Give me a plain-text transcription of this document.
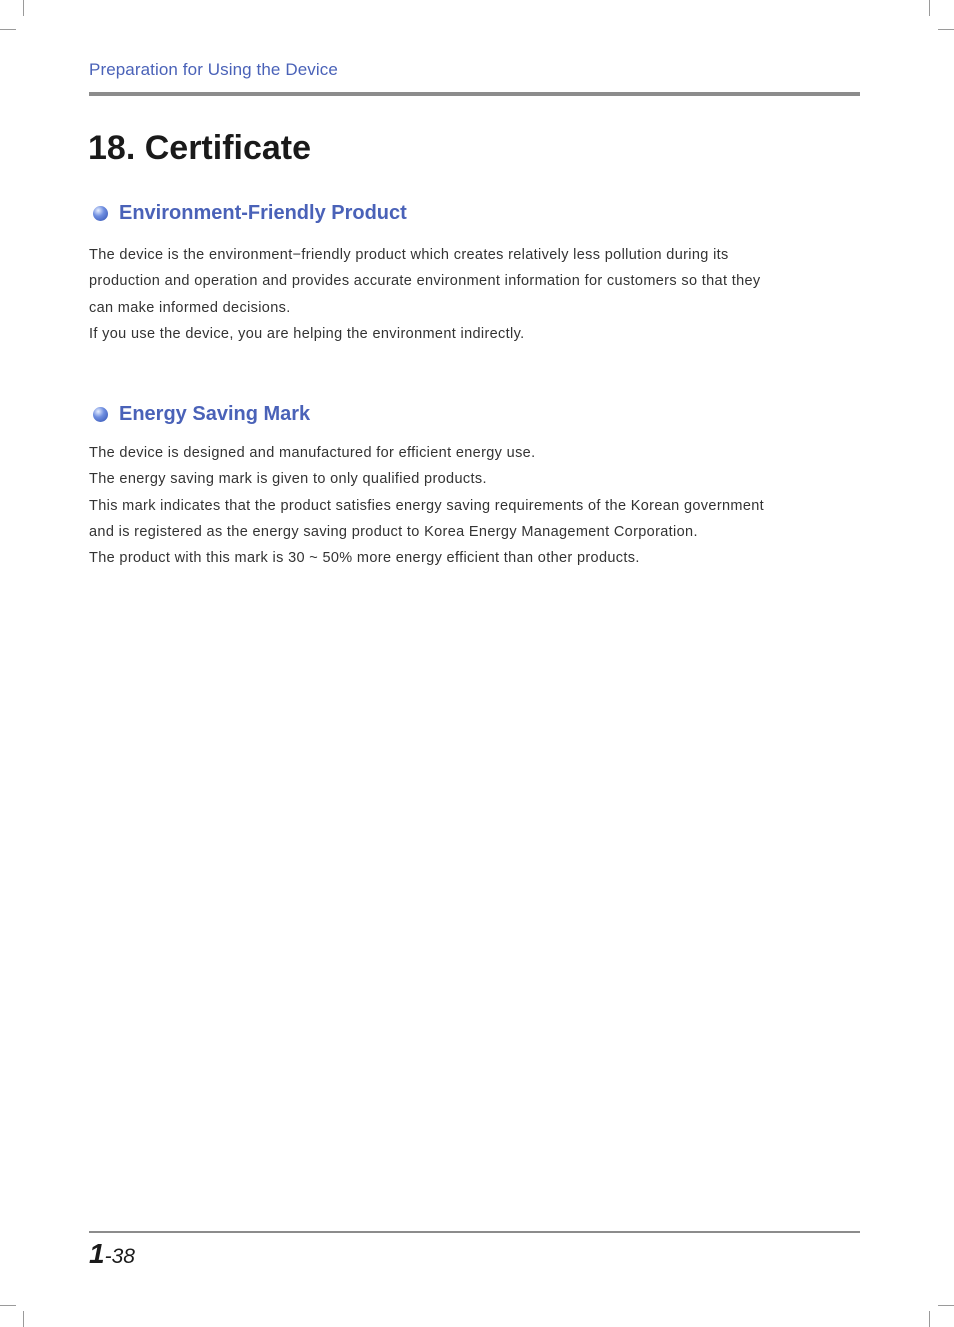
Preparation for Using the Device
18. Certificate
Environment-Friendly Product

The device is the environment−friendly product which creates relatively less pollution during its
production and operation and provides accurate environment information for customers so that they
can make informed decisions.
If you use the device, you are helping the environment indirectly.

Energy Saving Mark

The device is designed and manufactured for efficient energy use.
The energy saving mark is given to only qualified products.
This mark indicates that the product satisfies energy saving requirements of the Korean government
and is registered as the energy saving product to Korea Energy Management Corporation.
The product with this mark is 30 ~ 50% more energy efficient than other products.

1-38
